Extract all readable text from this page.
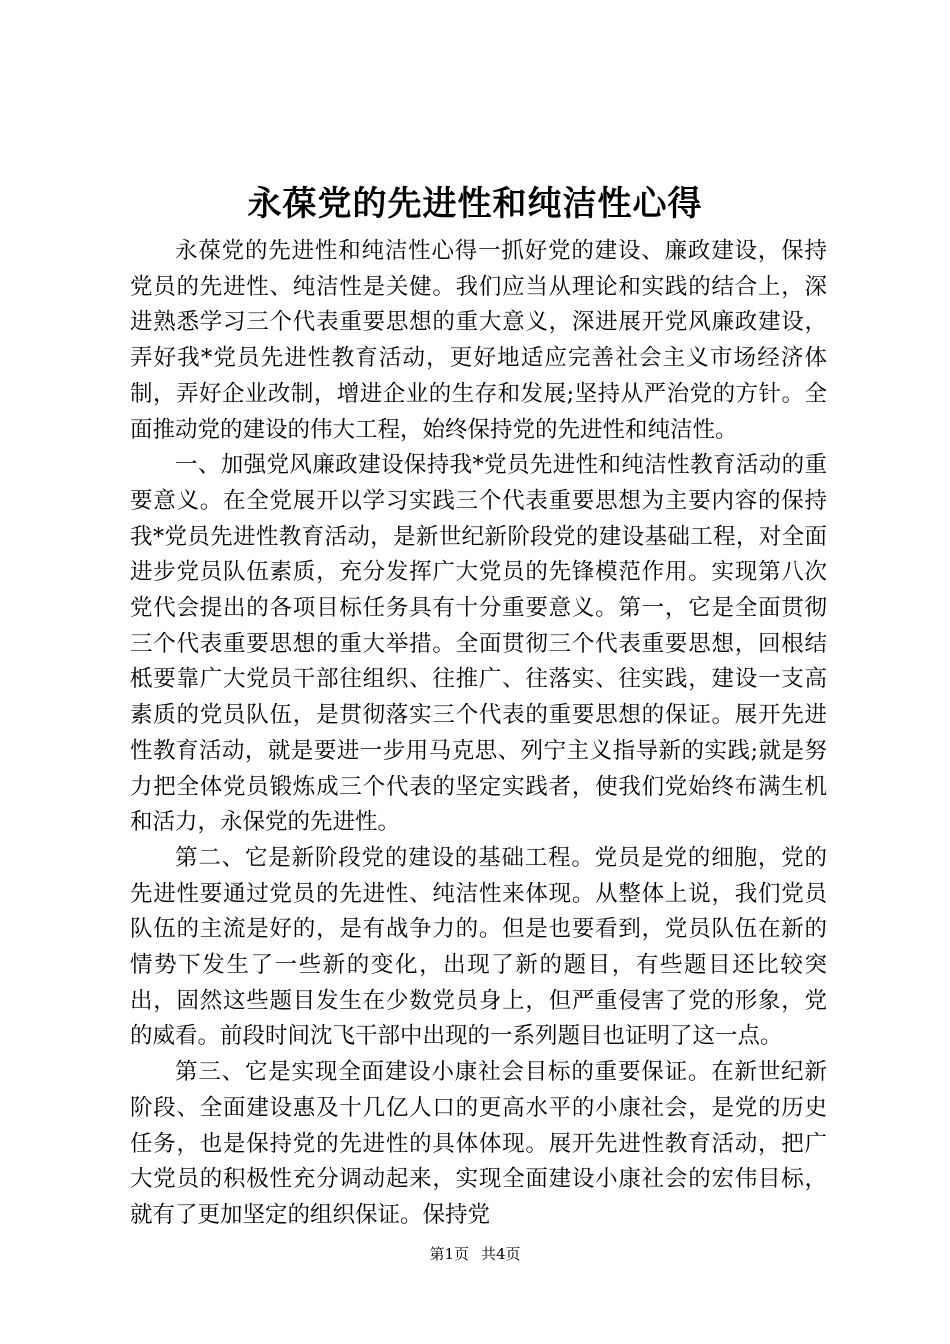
永葆党的先进性和纯洁性心得

永葆党的先进性和纯洁性心得一抓好党的建设、廉政建设，保持党员的先进性、纯洁性是关健。我们应当从理论和实践的结合上，深进熟悉学习三个代表重要思想的重大意义，深进展开党风廉政建设，弄好我*党员先进性教育活动，更好地适应完善社会主义市场经济体制，弄好企业改制，增进企业的生存和发展;坚持从严治党的方针。全面推动党的建设的伟大工程，始终保持党的先进性和纯洁性。

一、加强党风廉政建设保持我*党员先进性和纯洁性教育活动的重要意义。在全党展开以学习实践三个代表重要思想为主要内容的保持我*党员先进性教育活动，是新世纪新阶段党的建设基础工程，对全面进步党员队伍素质，充分发挥广大党员的先锋模范作用。实现第八次党代会提出的各项目标任务具有十分重要意义。第一，它是全面贯彻三个代表重要思想的重大举措。全面贯彻三个代表重要思想，回根结柢要靠广大党员干部往组织、往推广、往落实、往实践，建设一支高素质的党员队伍，是贯彻落实三个代表的重要思想的保证。展开先进性教育活动，就是要进一步用马克思、列宁主义指导新的实践;就是努力把全体党员锻炼成三个代表的坚定实践者，使我们党始终布满生机和活力，永保党的先进性。

第二、它是新阶段党的建设的基础工程。党员是党的细胞，党的先进性要通过党员的先进性、纯洁性来体现。从整体上说，我们党员队伍的主流是好的，是有战争力的。但是也要看到，党员队伍在新的情势下发生了一些新的变化，出现了新的题目，有些题目还比较突出，固然这些题目发生在少数党员身上，但严重侵害了党的形象，党的威看。前段时间沈飞干部中出现的一系列题目也证明了这一点。

第三、它是实现全面建设小康社会目标的重要保证。在新世纪新阶段、全面建设惠及十几亿人口的更高水平的小康社会，是党的历史任务，也是保持党的先进性的具体体现。展开先进性教育活动，把广大党员的积极性充分调动起来，实现全面建设小康社会的宏伟目标，就有了更加坚定的组织保证。保持党

第1页 共4页
